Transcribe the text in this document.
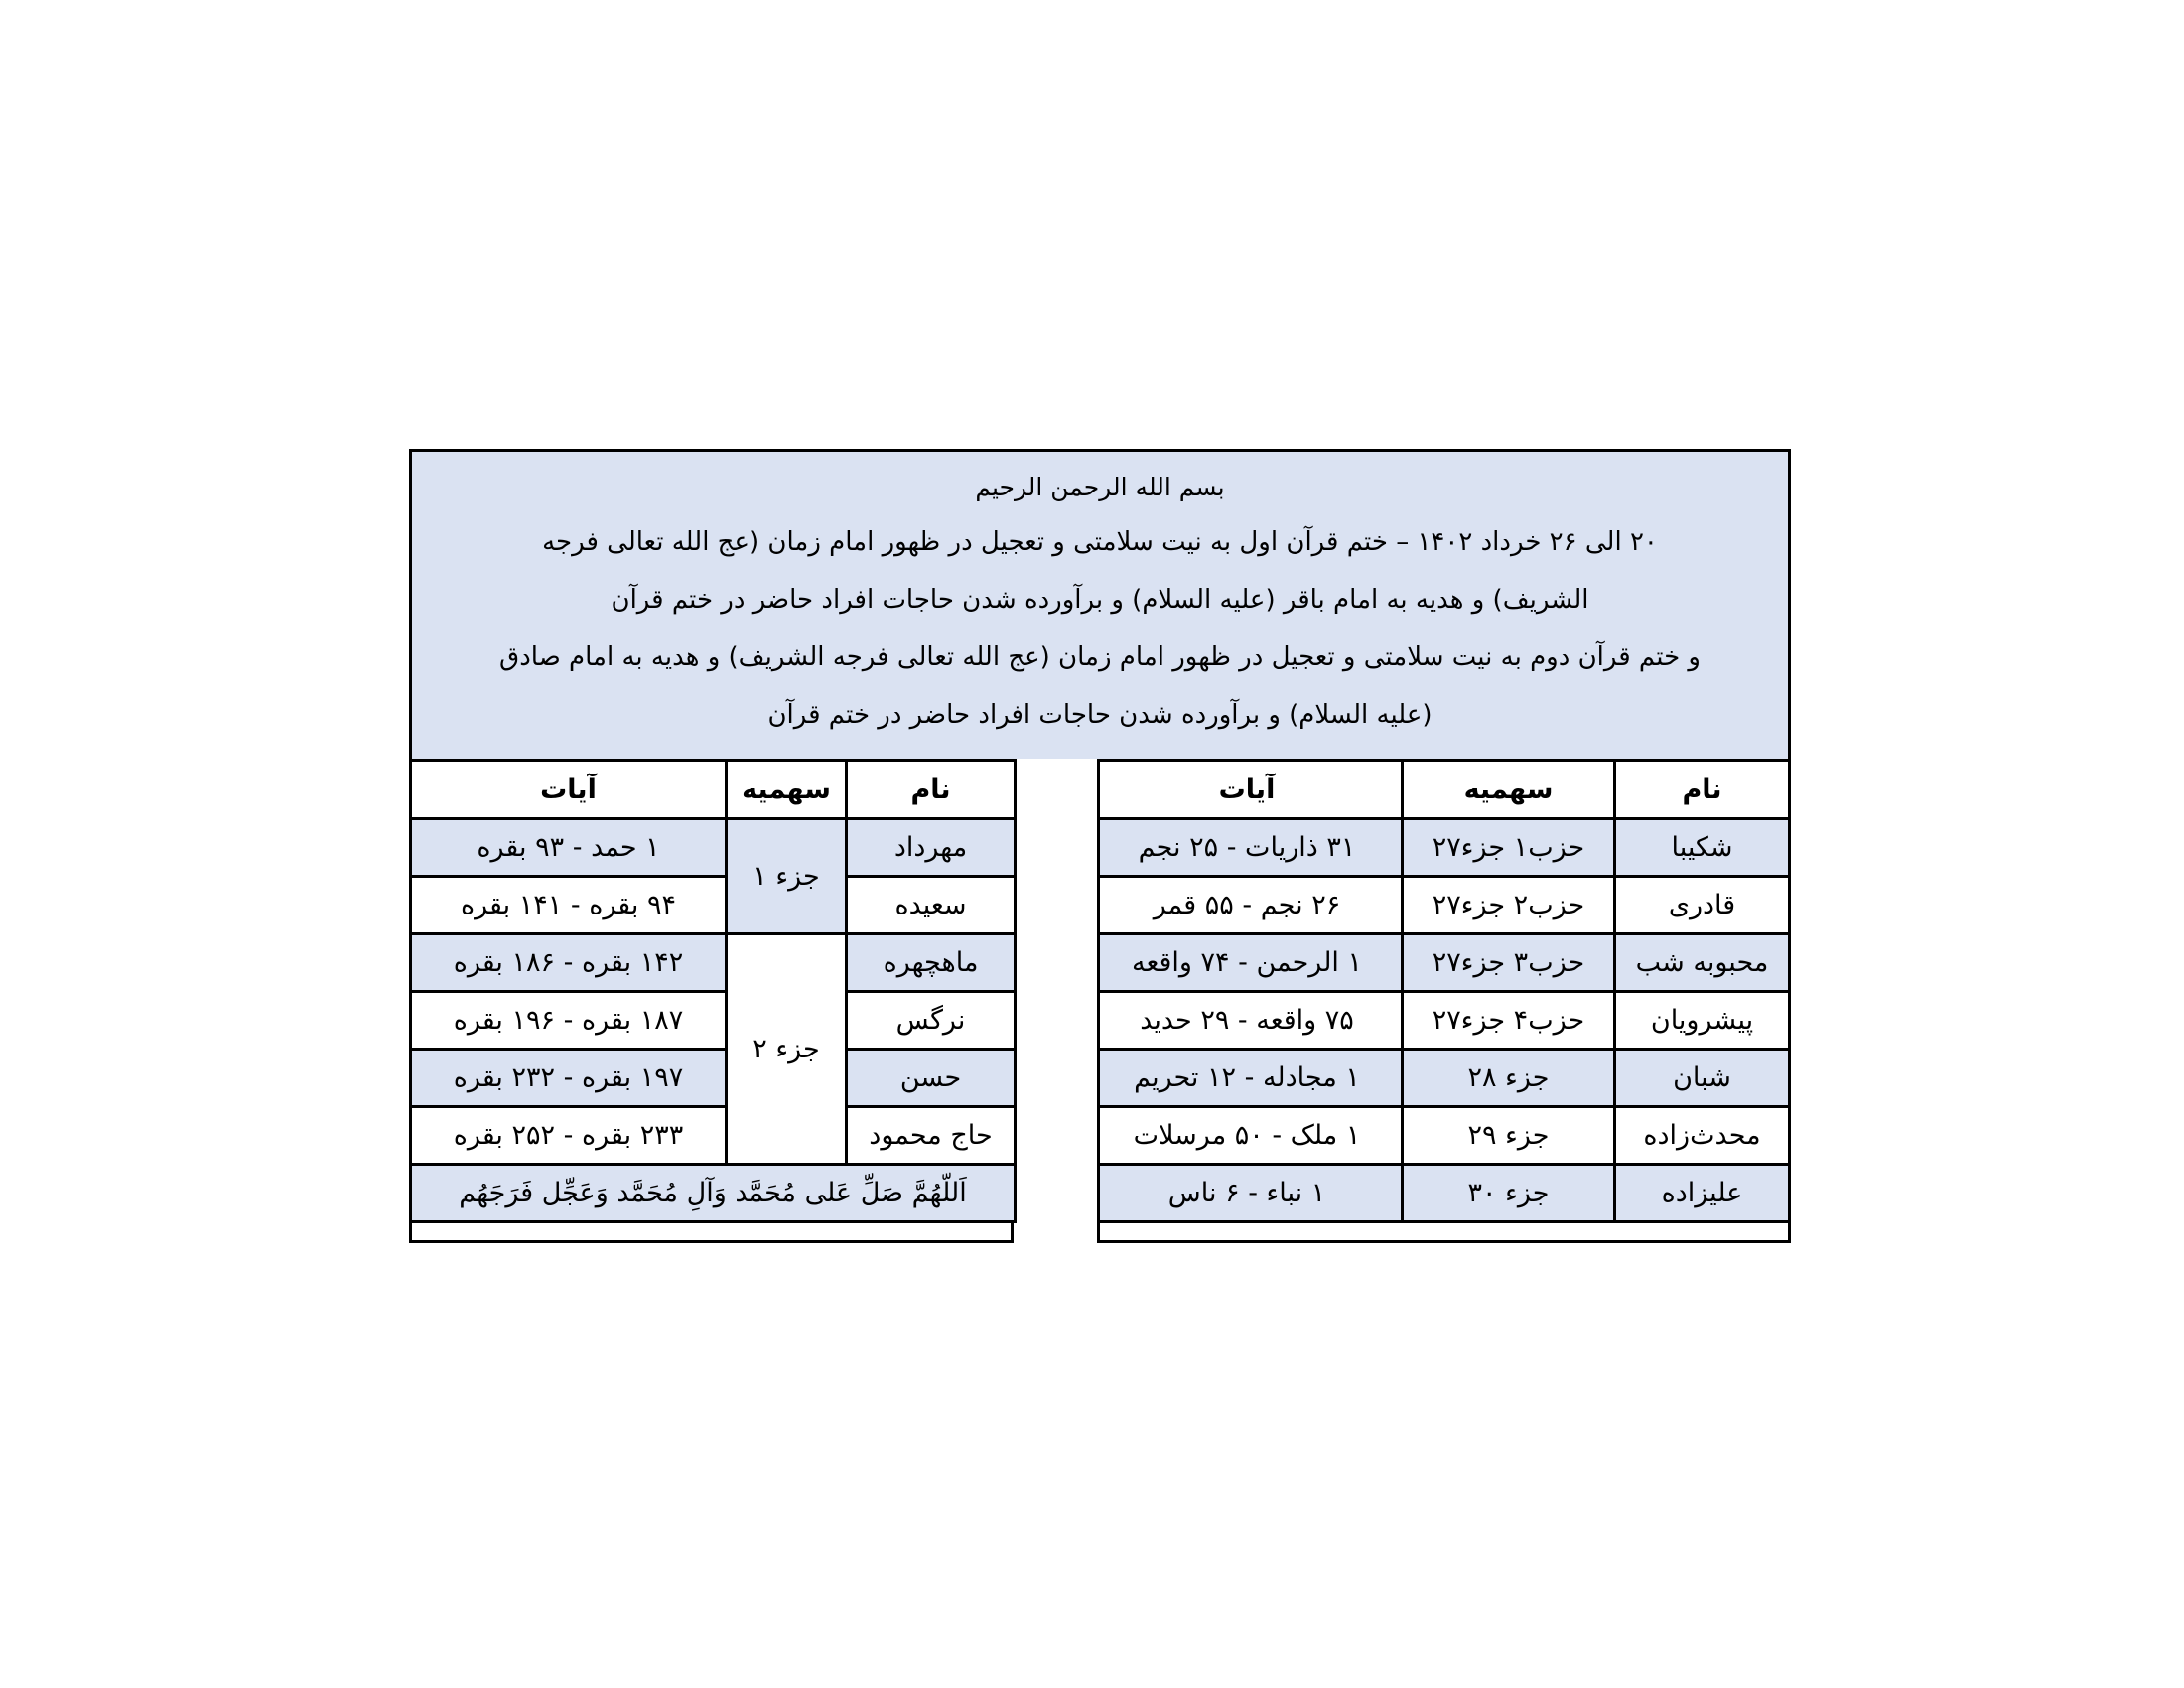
بسم الله الرحمن الرحیم

۲۰ الی ۲۶ خرداد ۱۴۰۲ – ختم قرآن اول به نیت سلامتی و تعجیل در ظهور امام زمان (عج الله تعالی فرجه

الشریف) و هدیه به امام باقر (علیه السلام) و برآورده شدن حاجات افراد حاضر در ختم قرآن

و ختم قرآن دوم به نیت سلامتی و تعجیل در ظهور امام زمان (عج الله تعالی فرجه الشریف) و هدیه به امام صادق

(علیه السلام) و برآورده شدن حاجات افراد حاضر در ختم قرآن

نام	سهمیه	آیات
شکیبا	حزب۱ جزء۲۷	۳۱ ذاریات - ۲۵ نجم
قادری	حزب۲ جزء۲۷	۲۶ نجم - ۵۵ قمر
محبوبه شب	حزب۳ جزء۲۷	۱ الرحمن - ۷۴ واقعه
پیشرویان	حزب۴ جزء۲۷	۷۵ واقعه - ۲۹ حدید
شبان	جزء ۲۸	۱ مجادله - ۱۲ تحریم
محدث‌زاده	جزء ۲۹	۱ ملک - ۵۰ مرسلات
علیزاده	جزء ۳۰	۱ نباء - ۶ ناس
نام	سهمیه	آیات
مهرداد	جزء ۱	۱ حمد - ۹۳ بقره
سعیده		۹۴ بقره - ۱۴۱ بقره
ماهچهره	جزء ۲	۱۴۲ بقره - ۱۸۶ بقره
نرگس		۱۸۷ بقره - ۱۹۶ بقره
حسن		۱۹۷ بقره - ۲۳۲ بقره
حاج محمود		۲۳۳ بقره - ۲۵۲ بقره
اَللّهُمَّ صَلِّ عَلی مُحَمَّد وَآلِ مُحَمَّد وَعَجِّل فَرَجَهُم		
